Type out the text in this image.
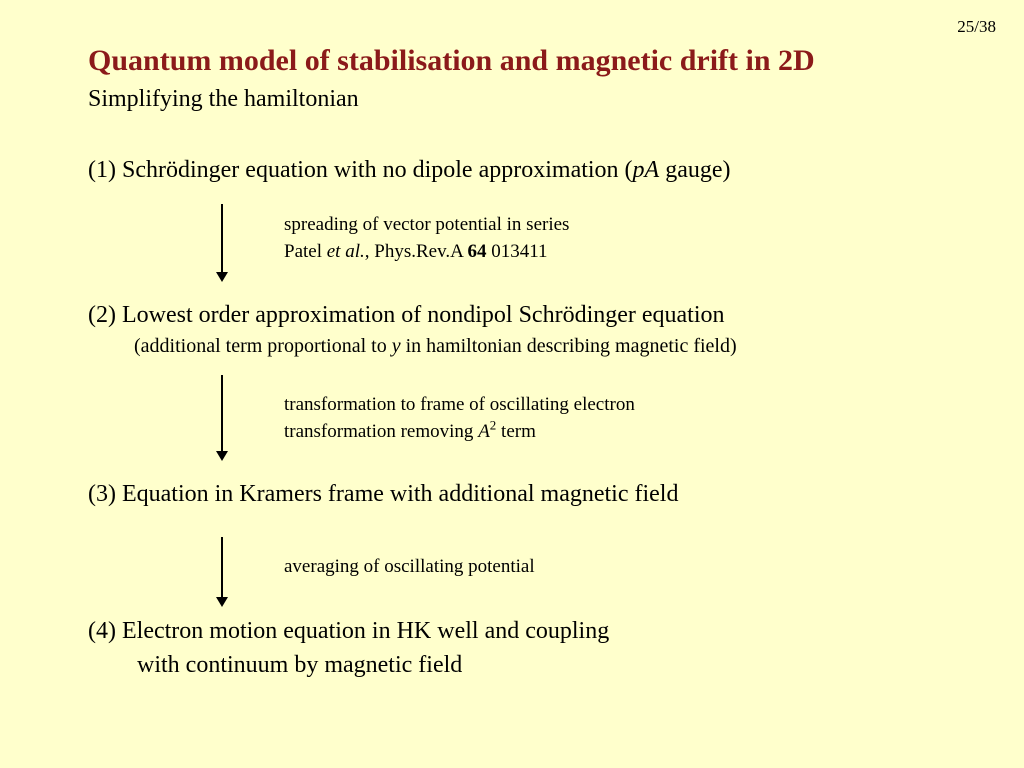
25/38
Quantum model of stabilisation and magnetic drift in 2D
Simplifying the hamiltonian
(1) Schrödinger equation with no dipole approximation (pA gauge)
spreading of vector potential in series
Patel et al., Phys.Rev.A 64 013411
(2) Lowest order approximation of nondipol Schrödinger equation
(additional term proportional to y in hamiltonian describing magnetic field)
transformation to frame of oscillating electron
transformation removing $A^2$ term
(3) Equation in Kramers frame with additional magnetic field
averaging of oscillating potential
(4) Electron motion equation in HK well and coupling
with continuum by magnetic field
